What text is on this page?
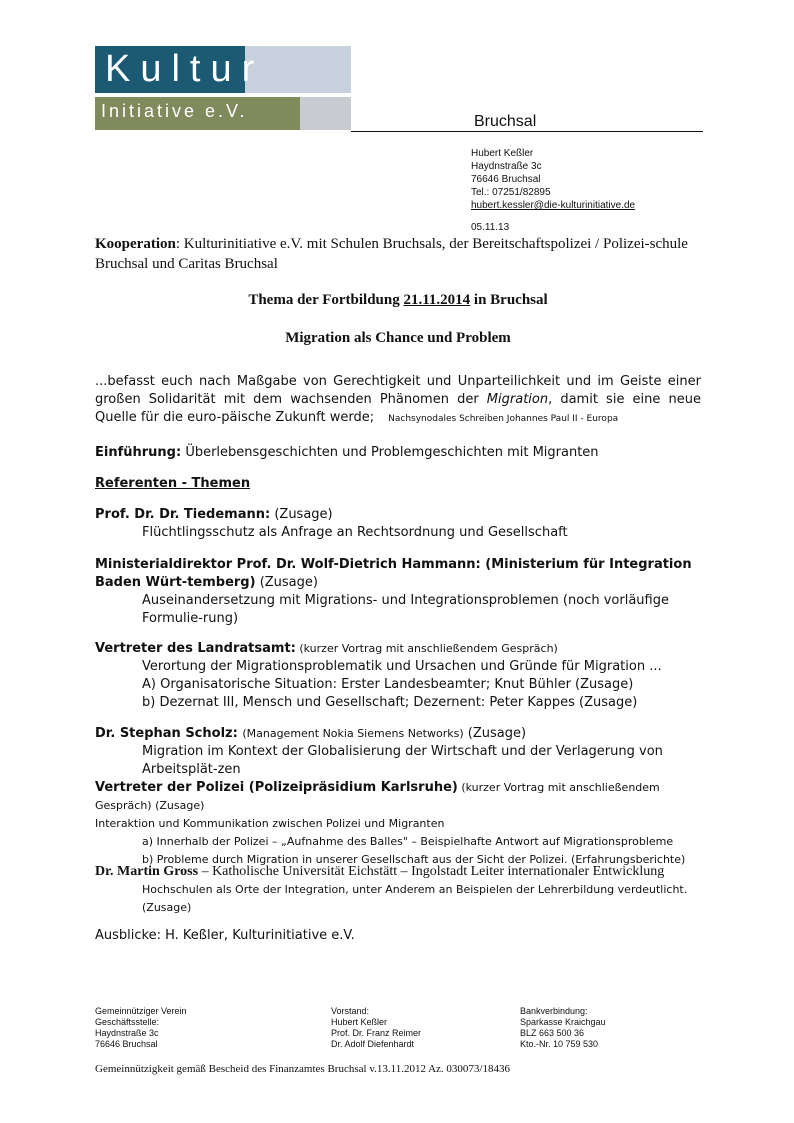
Kultur
Initiative e.V.
Bruchsal
Hubert Keßler
Haydnstraße 3c
76646 Bruchsal
Tel.: 07251/82895
hubert.kessler@die-kulturinitiative.de
05.11.13
Kooperation: Kulturinitiative e.V. mit Schulen Bruchsals, der Bereitschaftspolizei / Polizei-schule Bruchsal und Caritas Bruchsal
Thema der Fortbildung 21.11.2014 in Bruchsal
Migration als Chance und Problem
...befasst euch nach Maßgabe von Gerechtigkeit und Unparteilichkeit und im Geiste einer großen Solidarität mit dem wachsenden Phänomen der Migration, damit sie eine neue Quelle für die euro-päische Zukunft werde; Nachsynodales Schreiben Johannes Paul II - Europa
Einführung: Überlebensgeschichten und Problemgeschichten mit Migranten
Referenten - Themen
Prof. Dr. Dr. Tiedemann: (Zusage)
Flüchtlingsschutz als Anfrage an Rechtsordnung und Gesellschaft
Ministerialdirektor Prof. Dr. Wolf-Dietrich Hammann: (Ministerium für Integration Baden Würt-temberg) (Zusage)
Auseinandersetzung mit Migrations- und Integrationsproblemen (noch vorläufige Formulie-rung)
Vertreter des Landratsamt: (kurzer Vortrag mit anschließendem Gespräch)
Verortung der Migrationsproblematik und Ursachen und Gründe für Migration ...
A) Organisatorische Situation: Erster Landesbeamter; Knut Bühler (Zusage)
b) Dezernat III, Mensch und Gesellschaft; Dezernent: Peter Kappes (Zusage)
Dr. Stephan Scholz: (Management Nokia Siemens Networks) (Zusage)
Migration im Kontext der Globalisierung der Wirtschaft und der Verlagerung von Arbeitsplät-zen
Vertreter der Polizei (Polizeipräsidium Karlsruhe) (kurzer Vortrag mit anschließendem Gespräch) (Zusage)
Interaktion und Kommunikation zwischen Polizei und Migranten
a) Innerhalb der Polizei – „Aufnahme des Balles" – Beispielhafte Antwort auf Migrationsprobleme
b) Probleme durch Migration in unserer Gesellschaft aus der Sicht der Polizei. (Erfahrungsberichte)
Dr. Martin Gross – Katholische Universität Eichstätt – Ingolstadt Leiter internationaler Entwicklung
Hochschulen als Orte der Integration, unter Anderem an Beispielen der Lehrerbildung verdeutlicht.
(Zusage)
Ausblicke: H. Keßler, Kulturinitiative e.V.
Gemeinnütziger Verein
Geschäftsstelle:
Haydnstraße 3c
76646 Bruchsal
Vorstand:
Hubert Keßler
Prof. Dr. Franz Reimer
Dr. Adolf Diefenhardt
Bankverbindung:
Sparkasse Kraichgau
BLZ 663 500 36
Kto.-Nr. 10 759 530
Gemeinnützigkeit gemäß Bescheid des Finanzamtes Bruchsal v.13.11.2012 Az. 030073/18436
